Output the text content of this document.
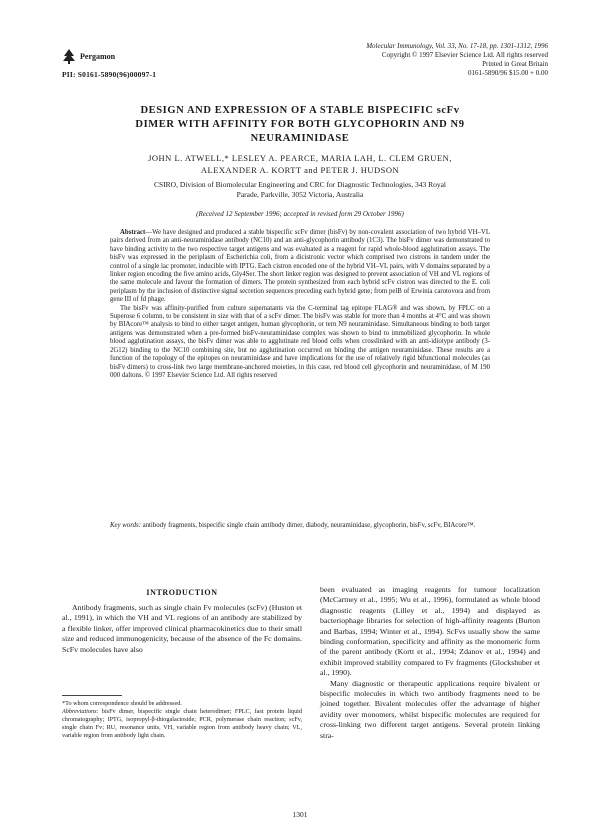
Pergamon
PII: S0161-5890(96)00097-1
Molecular Immunology, Vol. 33, No. 17-18, pp. 1301-1312, 1996
Copyright © 1997 Elsevier Science Ltd. All rights reserved
Printed in Great Britain
0161-5890/96 $15.00 + 0.00
DESIGN AND EXPRESSION OF A STABLE BISPECIFIC scFv
DIMER WITH AFFINITY FOR BOTH GLYCOPHORIN AND N9
NEURAMINIDASE
JOHN L. ATWELL,* LESLEY A. PEARCE, MARIA LAH, L. CLEM GRUEN,
ALEXANDER A. KORTT and PETER J. HUDSON
CSIRO, Division of Biomolecular Engineering and CRC for Diagnostic Technologies, 343 Royal
Parade, Parkville, 3052 Victoria, Australia
(Received 12 September 1996; accepted in revised form 29 October 1996)

Abstract—We have designed and produced a stable bispecific scFv dimer (bisFv) by non-covalent association of two hybrid VH–VL pairs derived from an anti-neuraminidase antibody (NC10) and an anti-glycophorin antibody (1C3). The bisFv dimer was demonstrated to have binding activity to the two respective target antigens and was evaluated as a reagent for rapid whole-blood agglutination assays. The bisFv was expressed in the periplasm of Escherichia coli, from a dicistronic vector which comprised two cistrons in tandem under the control of a single lac promoter, inducible with IPTG. Each cistron encoded one of the hybrid VH–VL pairs, with V domains separated by a linker region encoding the five amino acids, Gly4Ser. The short linker region was designed to prevent association of VH and VL regions of the same molecule and favour the formation of dimers. The protein synthesized from each hybrid scFv cistron was directed to the E. coli periplasm by the inclusion of distinctive signal secretion sequences preceding each hybrid gene; from pelB of Erwinia carotovora and from gene III of fd phage.

The bisFv was affinity-purified from culture supernatants via the C-terminal tag epitope FLAG® and was shown, by FPLC on a Superose 6 column, to be consistent in size with that of a scFv dimer. The bisFv was stable for more than 4 months at 4°C and was shown by BIAcore™ analysis to bind to either target antigen, human glycophorin, or tern N9 neuraminidase. Simultaneous binding to both target antigens was demonstrated when a pre-formed bisFv-neuraminidase complex was shown to bind to immobilized glycophorin. In whole blood agglutination assays, the bisFv dimer was able to agglutinate red blood cells when crosslinked with an anti-idiotype antibody (3-2G12) binding to the NC10 combining site, but no agglutination occurred on binding the antigen neuraminidase. These results are a function of the topology of the epitopes on neuraminidase and have implications for the use of relatively rigid bifunctional molecules (as bisFv dimers) to cross-link two large membrane-anchored moieties, in this case, red blood cell glycophorin and neuraminidase, of M 190 000 daltons. © 1997 Elsevier Science Ltd. All rights reserved

Key words: antibody fragments, bispecific single chain antibody dimer, diabody, neuraminidase, glycophorin, bisFv, scFv, BIAcore™.
INTRODUCTION

Antibody fragments, such as single chain Fv molecules (scFv) (Huston et al., 1991), in which the VH and VL regions of an antibody are stabilized by a flexible linker, offer improved clinical pharmacokinetics due to their small size and reduced immunogenicity, because of the absence of the Fc domains. ScFv molecules have also

*To whom correspondence should be addressed.

Abbreviations: bisFv dimer, bispecific single chain heterodimer; FPLC, fast protein liquid chromatography; IPTG, isopropyl-β-thiogalactoside; PCR, polymerase chain reaction; scFv, single chain Fv; RU, resonance units, VH, variable region from antibody heavy chain; VL, variable region from antibody light chain.

been evaluated as imaging reagents for tumour localization (McCartney et al., 1995; Wu et al., 1996), formulated as whole blood diagnostic reagents (Lilley et al., 1994) and displayed as bacteriophage libraries for selection of high-affinity reagents (Burton and Barbas, 1994; Winter et al., 1994). ScFvs usually show the same binding conformation, specificity and affinity as the monomeric form of the parent antibody (Kortt et al., 1994; Zdanov et al., 1994) and exhibit improved stability compared to Fv fragments (Glockshuber et al., 1990).

Many diagnostic or therapeutic applications require bivalent or bispecific molecules in which two antibody fragments need to be joined together. Bivalent molecules offer the advantage of higher avidity over monomers, whilst bispecific molecules are required for cross-linking two different target antigens. Several protein linking stra-

1301
